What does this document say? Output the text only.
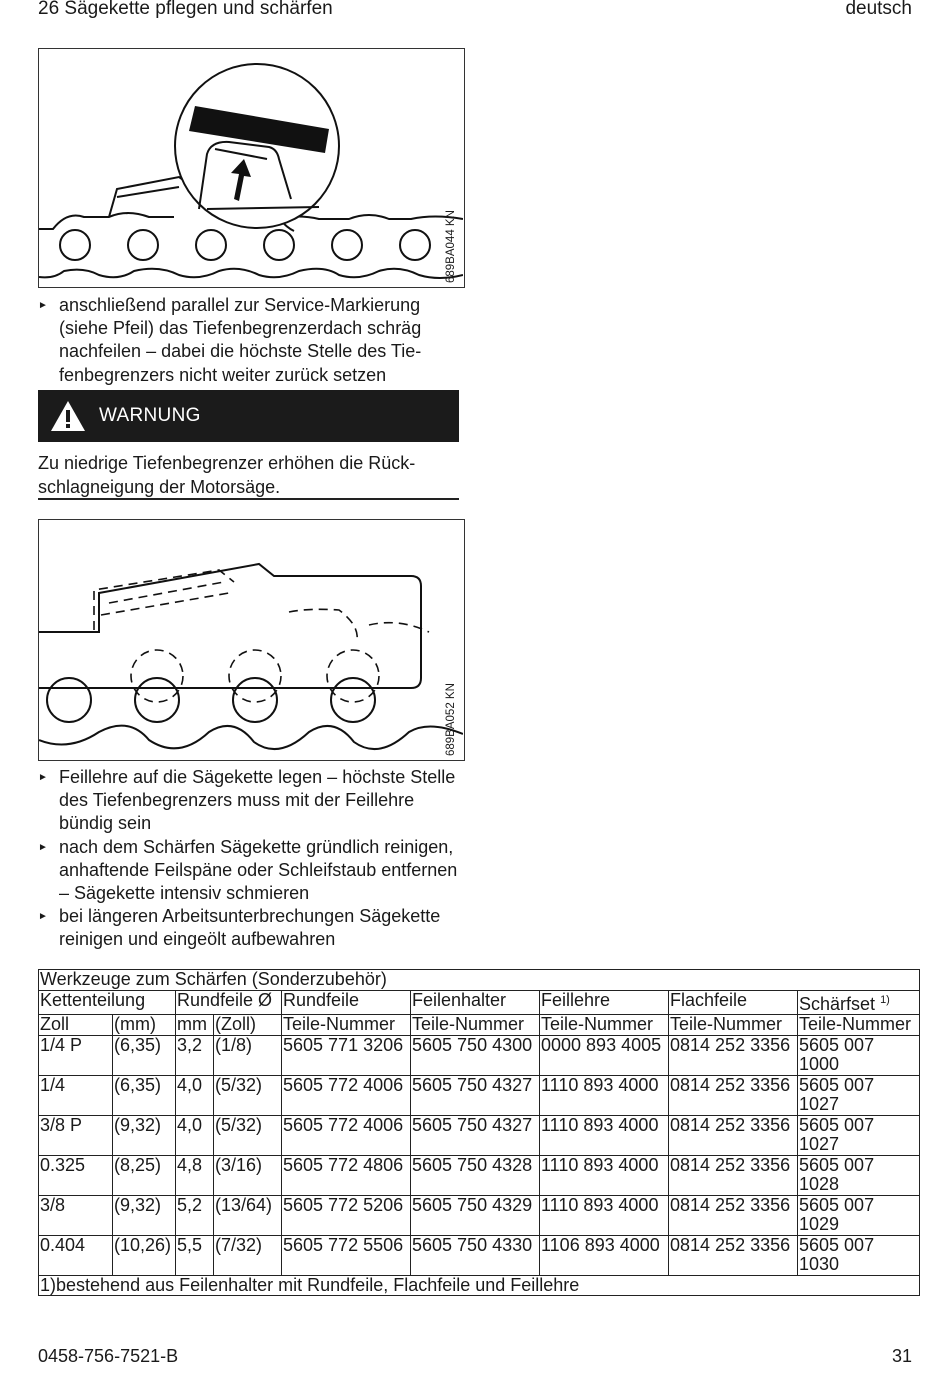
26 Sägekette pflegen und schärfen	deutsch
689BA044 KN
► anschließend parallel zur Service-Markierung (siehe Pfeil) das Tiefenbegrenzerdach schräg nachfeilen – dabei die höchste Stelle des Tiefenbegrenzers nicht weiter zurück setzen
WARNUNG
Zu niedrige Tiefenbegrenzer erhöhen die Rückschlagneigung der Motorsäge.
689BA052 KN
► Feillehre auf die Sägekette legen – höchste Stelle des Tiefenbegrenzers muss mit der Feillehre bündig sein
► nach dem Schärfen Sägekette gründlich reinigen, anhaftende Feilspäne oder Schleifstaub entfernen – Sägekette intensiv schmieren
► bei längeren Arbeitsunterbrechungen Sägekette reinigen und eingeölt aufbewahren
Werkzeuge zum Schärfen (Sonderzubehör)								
Kettenteilung		Rundfeile Ø		Rundfeile	Feilenhalter	Feillehre	Flachfeile	Schärfset $^{1)}$
Zoll	(mm)	mm	(Zoll)	Teile-Nummer	Teile-Nummer	Teile-Nummer	Teile-Nummer	Teile-Nummer
1/4 P	(6,35)	3,2	(1/8)	5605 771 3206	5605 750 4300	0000 893 4005	0814 252 3356	5605 007 1000
1/4	(6,35)	4,0	(5/32)	5605 772 4006	5605 750 4327	1110 893 4000	0814 252 3356	5605 007 1027
3/8 P	(9,32)	4,0	(5/32)	5605 772 4006	5605 750 4327	1110 893 4000	0814 252 3356	5605 007 1027
0.325	(8,25)	4,8	(3/16)	5605 772 4806	5605 750 4328	1110 893 4000	0814 252 3356	5605 007 1028
3/8	(9,32)	5,2	(13/64)	5605 772 5206	5605 750 4329	1110 893 4000	0814 252 3356	5605 007 1029
0.404	(10,26)	5,5	(7/32)	5605 772 5506	5605 750 4330	1106 893 4000	0814 252 3356	5605 007 1030
1)bestehend aus Feilenhalter mit Rundfeile, Flachfeile und Feillehre								
0458-756-7521-B	31
